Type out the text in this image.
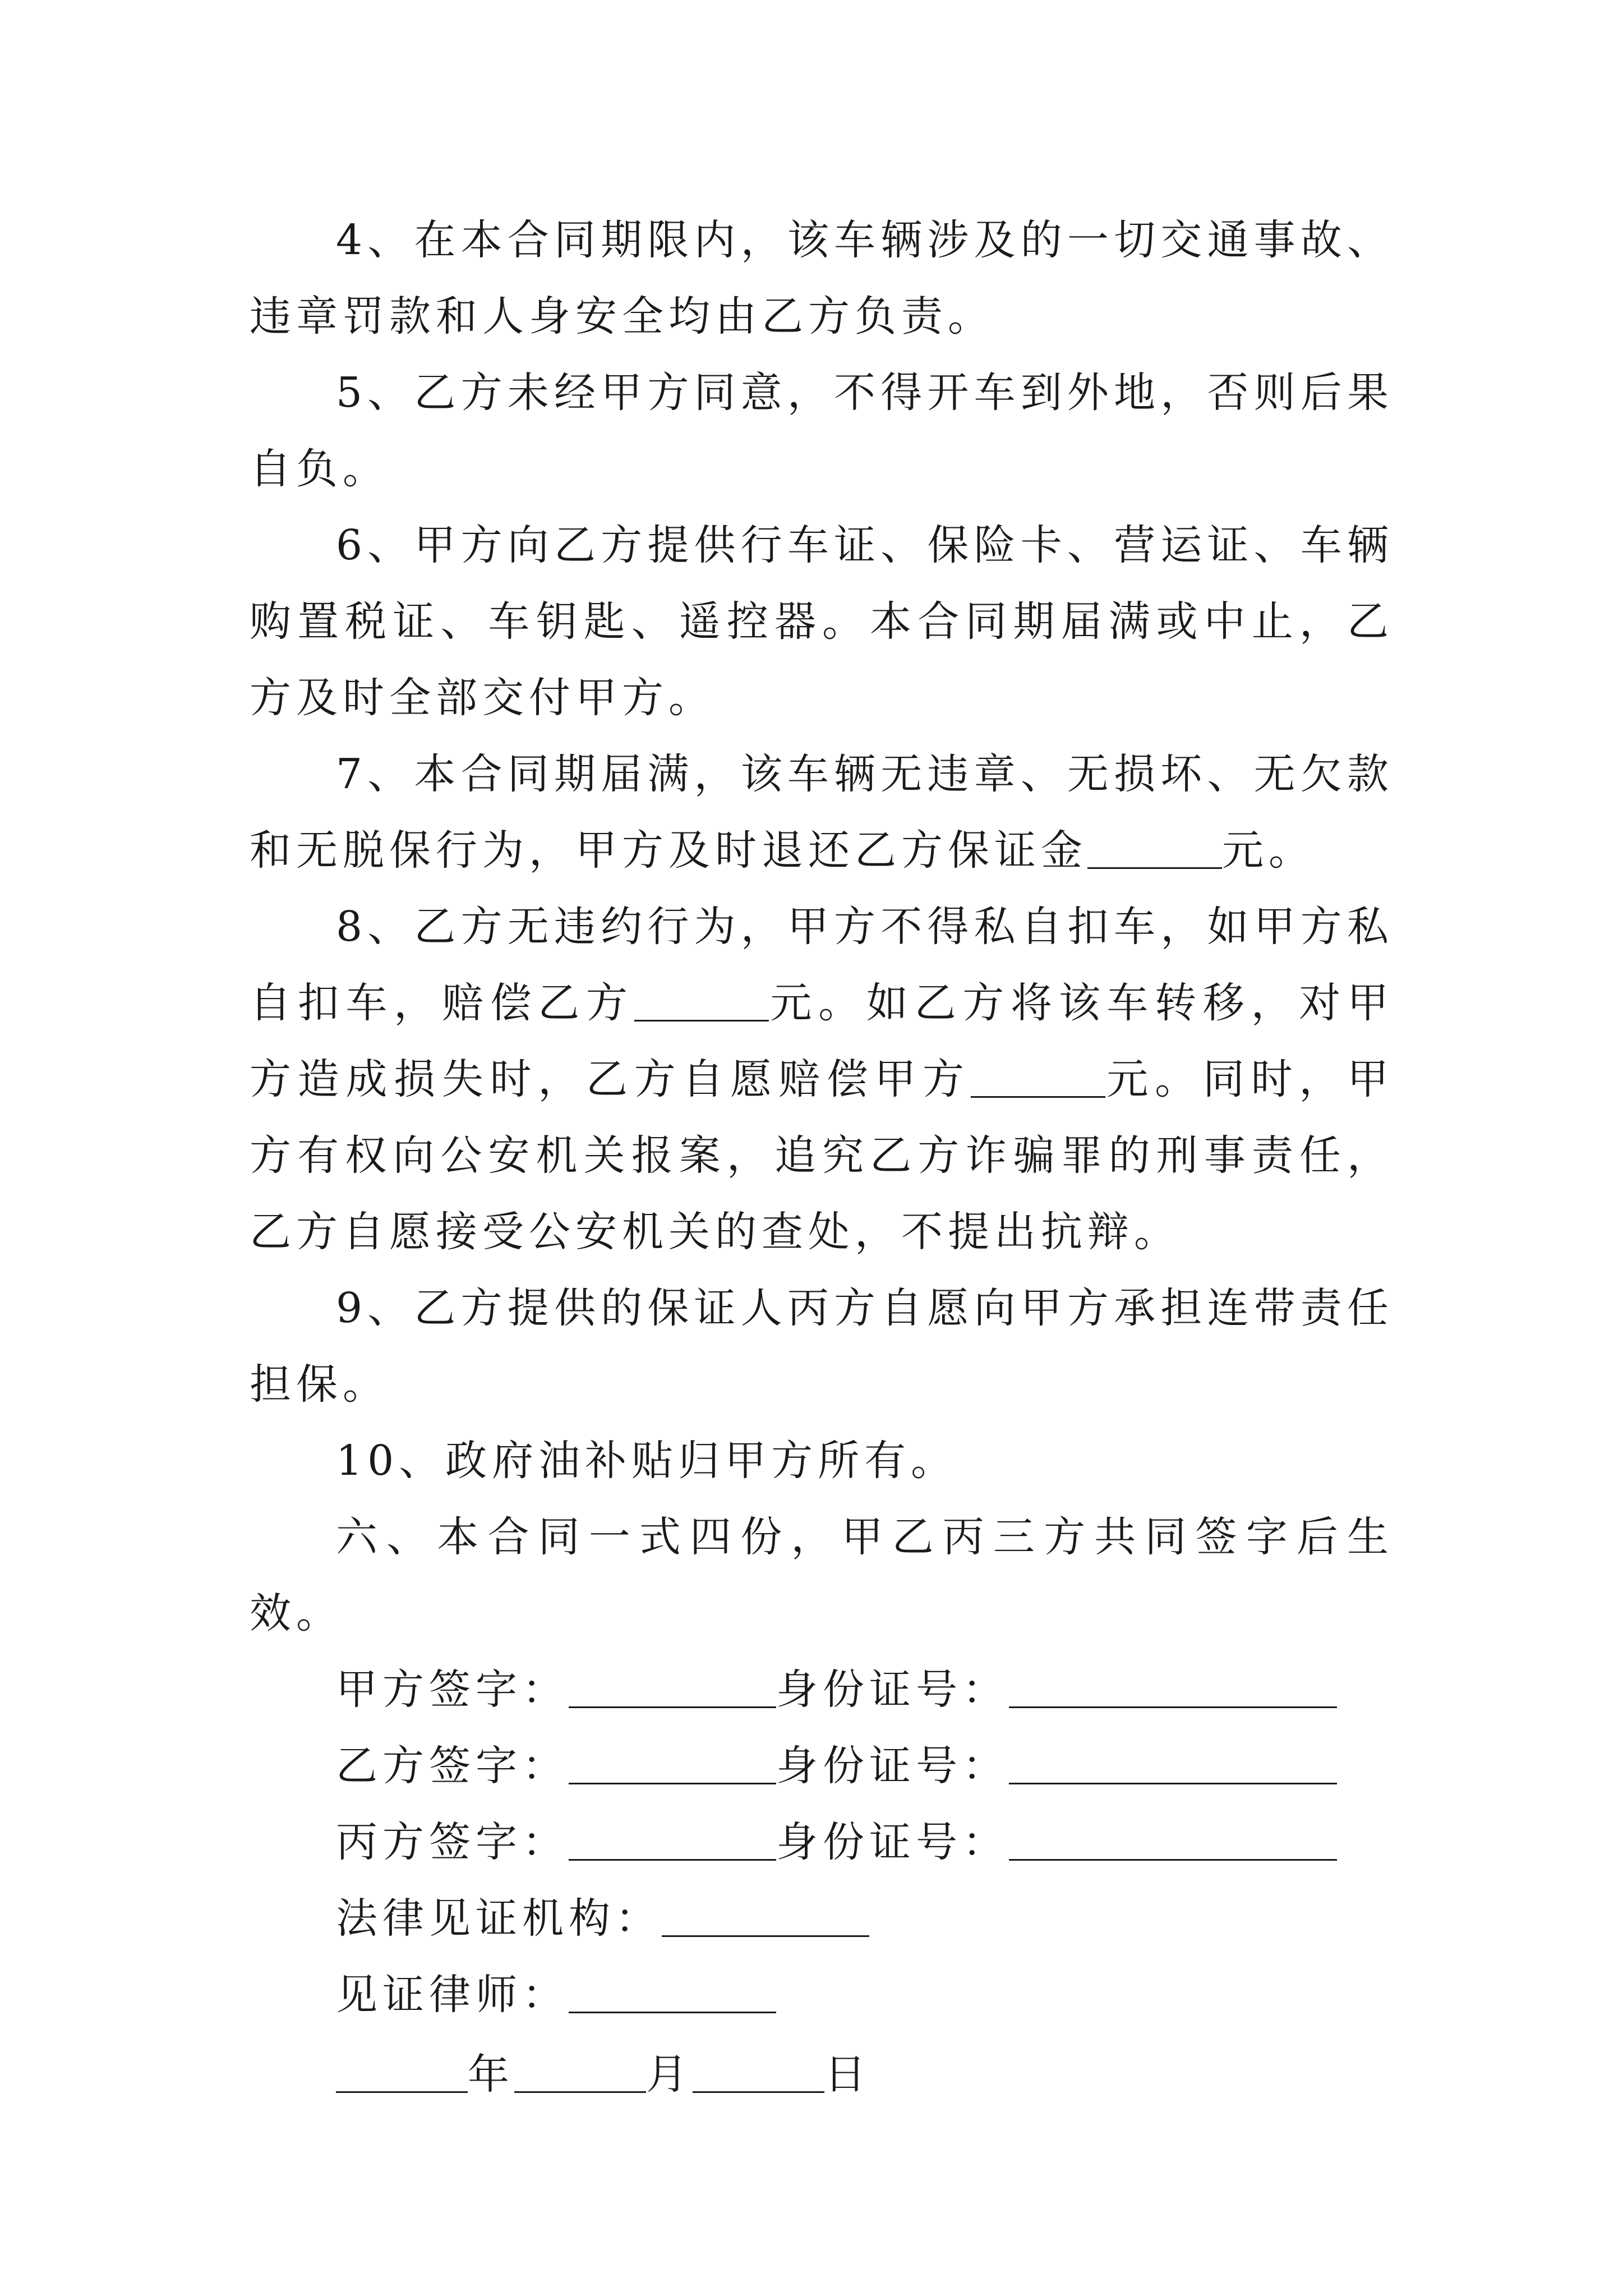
4、在本合同期限内，该车辆涉及的一切交通事故、违章罚款和人身安全均由乙方负责。

5、乙方未经甲方同意，不得开车到外地，否则后果自负。

6、甲方向乙方提供行车证、保险卡、营运证、车辆购置税证、车钥匙、遥控器。本合同期届满或中止，乙方及时全部交付甲方。

7、本合同期届满，该车辆无违章、无损坏、无欠款和无脱保行为，甲方及时退还乙方保证金	元。

8、乙方无违约行为，甲方不得私自扣车，如甲方私自扣车，赔偿乙方	元。如乙方将该车转移，对甲方造成损失时，乙方自愿赔偿甲方	元。同时，甲方有权向公安机关报案，追究乙方诈骗罪的刑事责任，乙方自愿接受公安机关的查处，不提出抗辩。

9、乙方提供的保证人丙方自愿向甲方承担连带责任担保。

10、政府油补贴归甲方所有。

六、本合同一式四份，甲乙丙三方共同签字后生效。

甲方签字：	身份证号：

乙方签字：	身份证号：

丙方签字：	身份证号：

法律见证机构：

见证律师：

年	月	日
